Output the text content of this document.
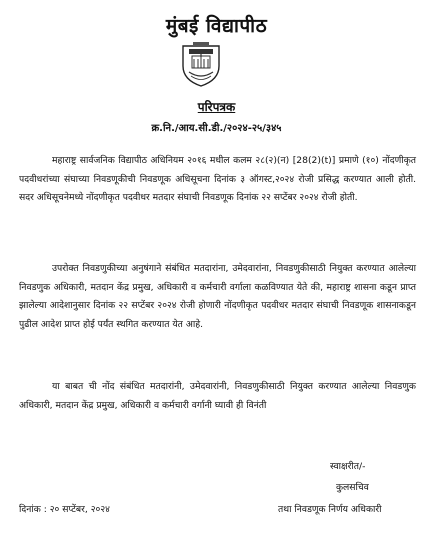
मुंबई विद्यापीठ
परिपत्रक
क्र.नि./आय.सी.डी./२०२४-२५/३४५

महाराष्ट्र सार्वजनिक विद्यापीठ अधिनियम २०१६ मधील कलम २८(२)(न) [28(2)(t)] प्रमाणे (१०) नोंदणीकृत पदवीधरांच्या संघाच्या निवडणूकीची निवडणूक अधिसूचना दिनांक ३ ऑगस्ट,२०२४ रोजी प्रसिद्ध करण्यात आली होती. सदर अधिसूचनेमध्ये नोंदणीकृत पदवीधर मतदार संघाची निवडणूक दिनांक २२ सप्टेंबर २०२४ रोजी होती.

उपरोक्त निवडणुकीच्या अनुषंगाने संबंधित मतदारांना, उमेदवारांना, निवडणुकीसाठी नियुक्त करण्यात आलेल्या निवडणुक अधिकारी, मतदान केंद्र प्रमुख, अधिकारी व कर्मचारी वर्गाला कळविण्यात येते की, महाराष्ट्र शासना कडून प्राप्त झालेल्या आदेशानुसार दिनांक २२ सप्टेंबर २०२४ रोजी होणारी नोंदणीकृत पदवीधर मतदार संघाची निवडणूक शासनाकडून पुढील आदेश प्राप्त होई पर्यंत स्थगित करण्यात येत आहे.

या बाबत ची नोंद संबंधित मतदारांनी, उमेदवारांनी, निवडणुकीसाठी नियुक्त करण्यात आलेल्या निवडणुक अधिकारी, मतदान केंद्र प्रमुख, अधिकारी व कर्मचारी वर्गानी घ्यावी ही विनंती

स्वाक्षरीत/-
कुलसचिव
तथा निवडणूक निर्णय अधिकारी
दिनांक : २० सप्टेंबर, २०२४
